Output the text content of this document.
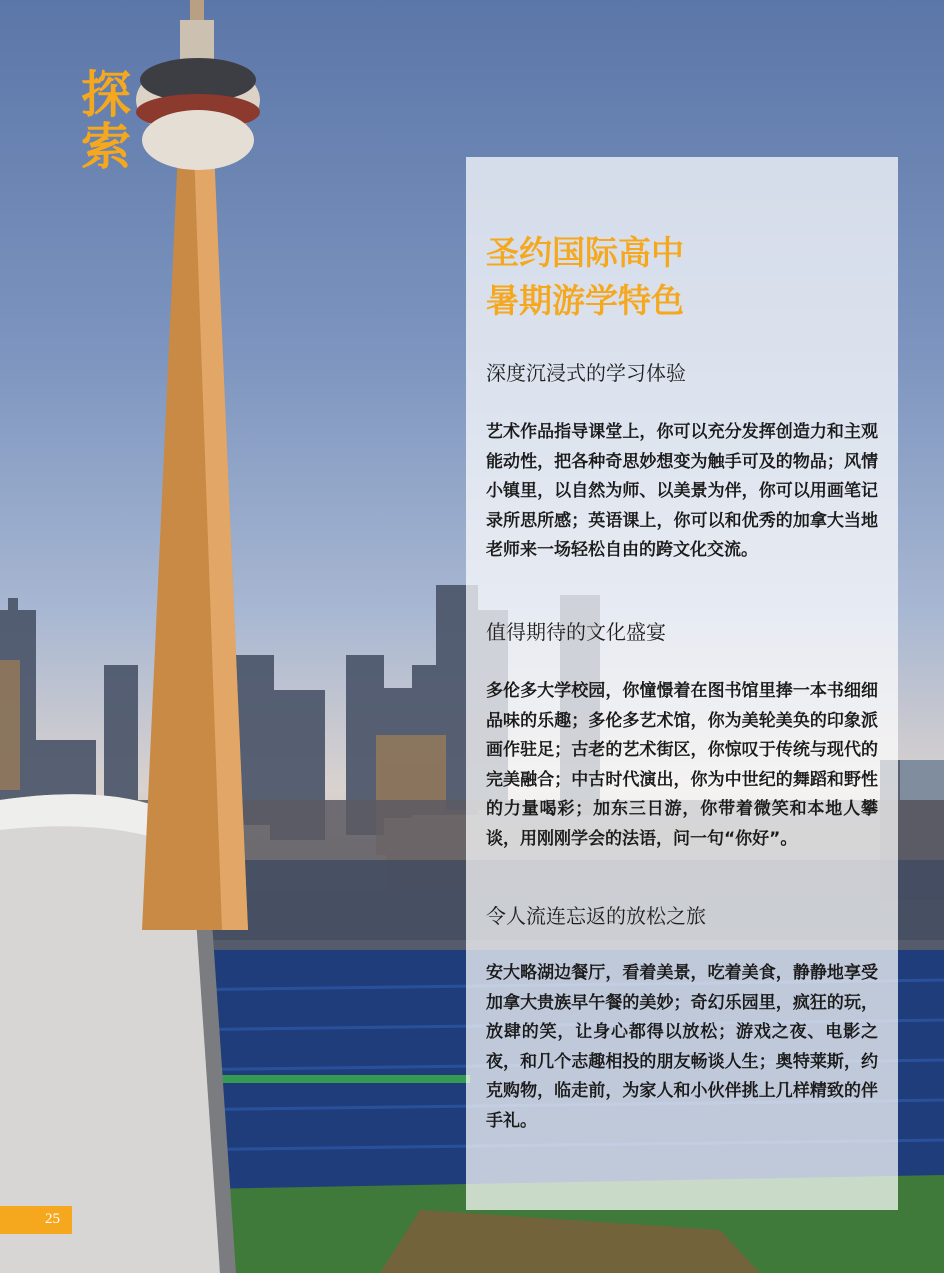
探索
圣约国际高中
暑期游学特色
深度沉浸式的学习体验

艺术作品指导课堂上，你可以充分发挥创造力和主观能动性，把各种奇思妙想变为触手可及的物品；风情小镇里，以自然为师、以美景为伴，你可以用画笔记录所思所感；英语课上，你可以和优秀的加拿大当地老师来一场轻松自由的跨文化交流。

值得期待的文化盛宴

多伦多大学校园，你憧憬着在图书馆里捧一本书细细品味的乐趣；多伦多艺术馆，你为美轮美奂的印象派画作驻足；古老的艺术街区，你惊叹于传统与现代的完美融合；中古时代演出，你为中世纪的舞蹈和野性的力量喝彩；加东三日游，你带着微笑和本地人攀谈，用刚刚学会的法语，问一句“你好”。

令人流连忘返的放松之旅

安大略湖边餐厅，看着美景，吃着美食，静静地享受加拿大贵族早午餐的美妙；奇幻乐园里，疯狂的玩，放肆的笑，让身心都得以放松；游戏之夜、电影之夜，和几个志趣相投的朋友畅谈人生；奥特莱斯，约克购物，临走前，为家人和小伙伴挑上几样精致的伴手礼。

25
